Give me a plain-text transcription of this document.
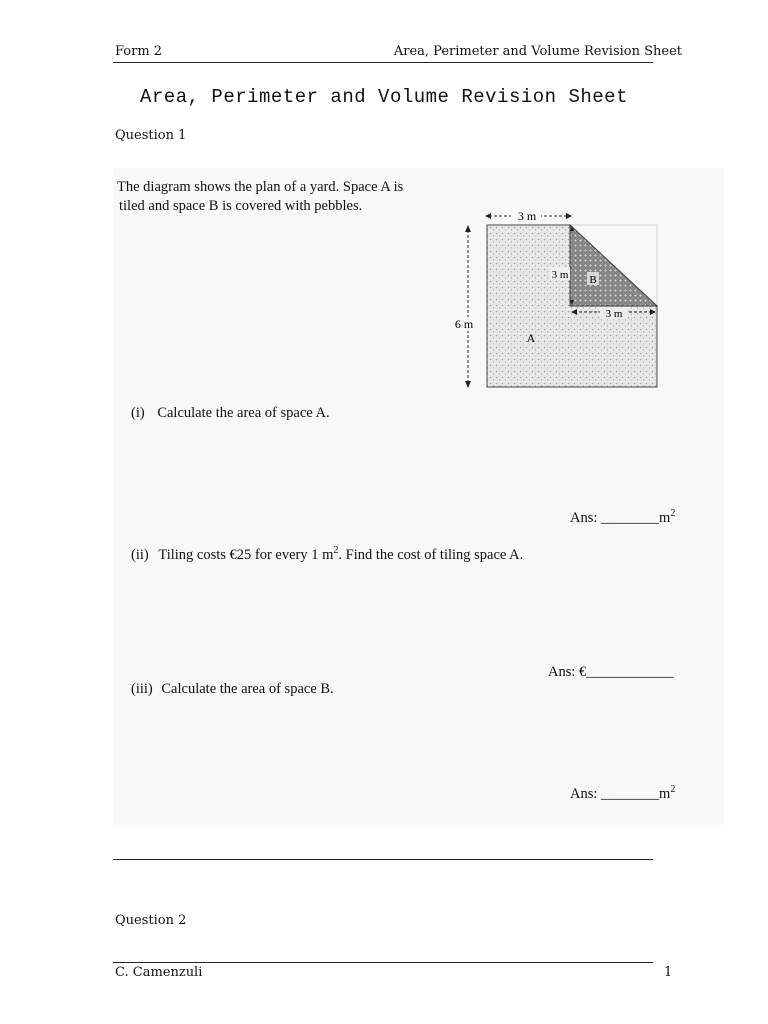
Form 2	Area, Perimeter and Volume Revision Sheet
Area, Perimeter and Volume Revision Sheet
Question 1
The diagram shows the plan of a yard. Space A is
tiled and space B is covered with pebbles.
3 m
6 m
3 m
3 m
A
B
(i) Calculate the area of space A.
Ans: $\_\_\_\_\_\_\_\_m^2$
(ii) Tiling costs €25 for every 1 $m^2$. Find the cost of tiling space A.
Ans: €____________
(iii) Calculate the area of space B.
Ans: $\_\_\_\_\_\_\_\_m^2$
Question 2
C. Camenzuli	1
